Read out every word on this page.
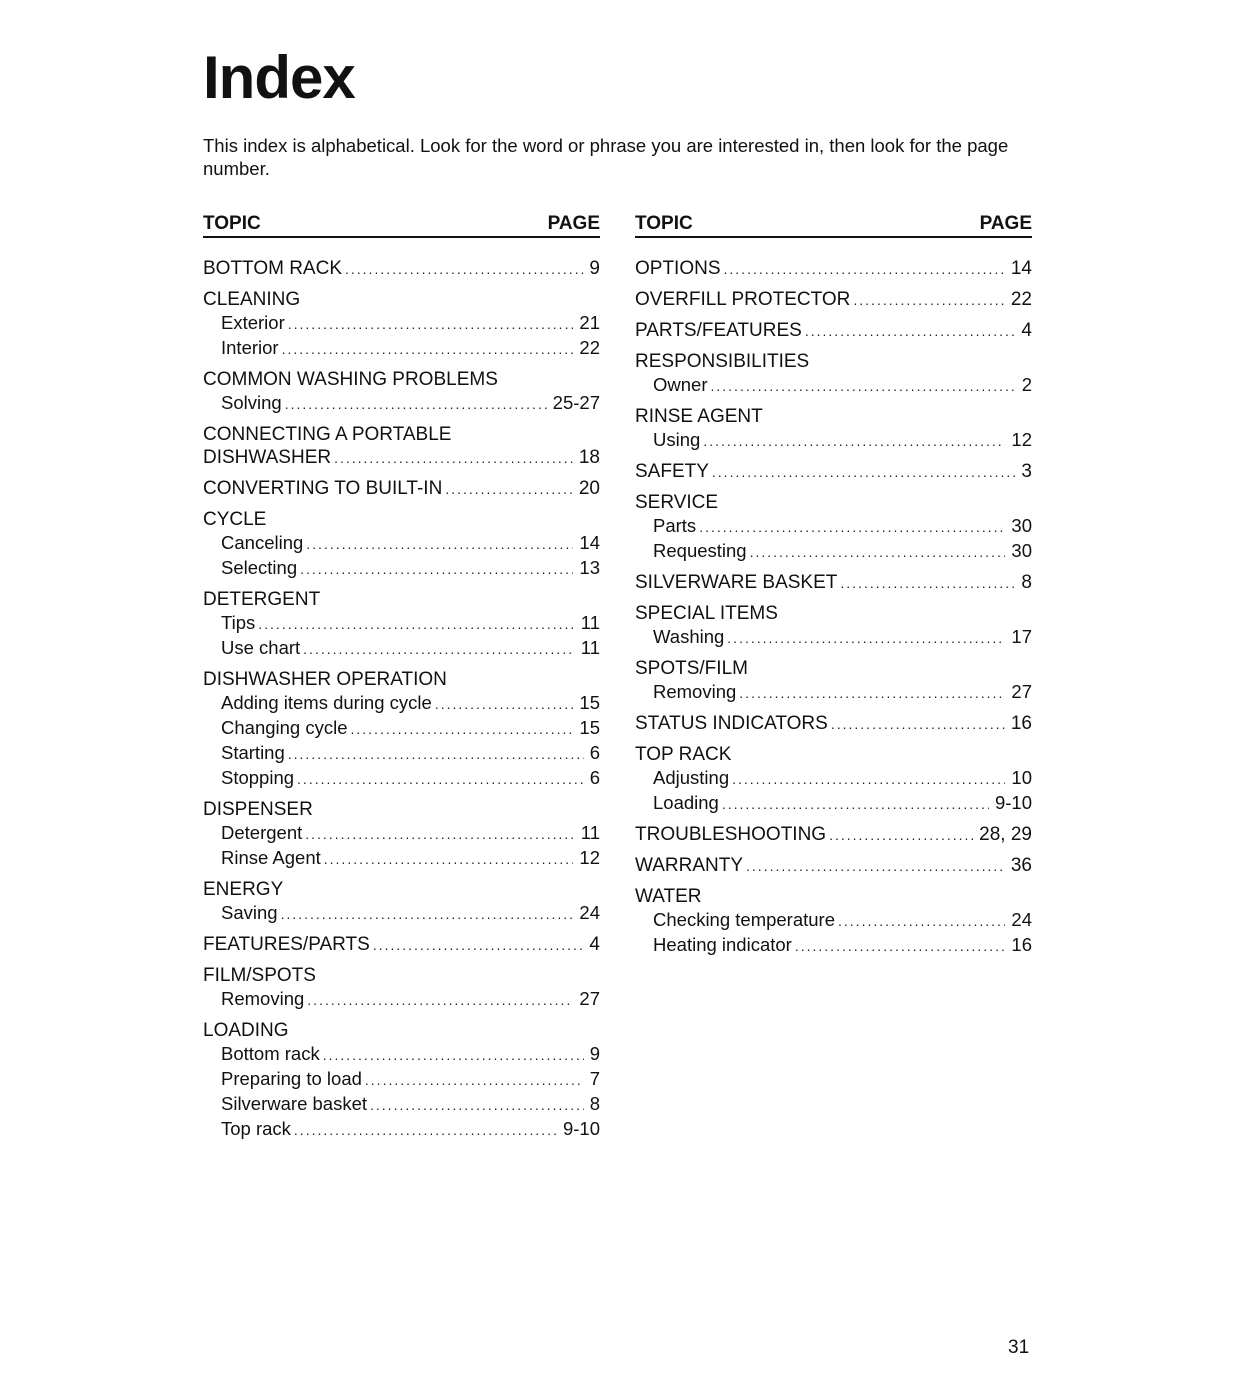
Index

This index is alphabetical. Look for the word or phrase you are interested in, then look for the page number.

TOPIC	PAGE
BOTTOM RACK .....	9
CLEANING
Exterior .....	21
Interior .....	22
COMMON WASHING PROBLEMS
Solving .....	25-27
CONNECTING A PORTABLE
DISHWASHER .....	18
CONVERTING TO BUILT-IN .....	20
CYCLE
Canceling .....	14
Selecting .....	13
DETERGENT
Tips .....	11
Use chart .....	11
DISHWASHER OPERATION
Adding items during cycle .....	15
Changing cycle .....	15
Starting .....	6
Stopping .....	6
DISPENSER
Detergent .....	11
Rinse Agent .....	12
ENERGY
Saving .....	24
FEATURES/PARTS .....	4
FILM/SPOTS
Removing .....	27
LOADING
Bottom rack .....	9
Preparing to load .....	7
Silverware basket .....	8
Top rack .....	9-10
TOPIC	PAGE
OPTIONS .....	14
OVERFILL PROTECTOR .....	22
PARTS/FEATURES .....	4
RESPONSIBILITIES
Owner .....	2
RINSE AGENT
Using .....	12
SAFETY .....	3
SERVICE
Parts .....	30
Requesting .....	30
SILVERWARE BASKET .....	8
SPECIAL ITEMS
Washing .....	17
SPOTS/FILM
Removing .....	27
STATUS INDICATORS .....	16
TOP RACK
Adjusting .....	10
Loading .....	9-10
TROUBLESHOOTING .....	28, 29
WARRANTY .....	36
WATER
Checking temperature .....	24
Heating indicator .....	16

31
